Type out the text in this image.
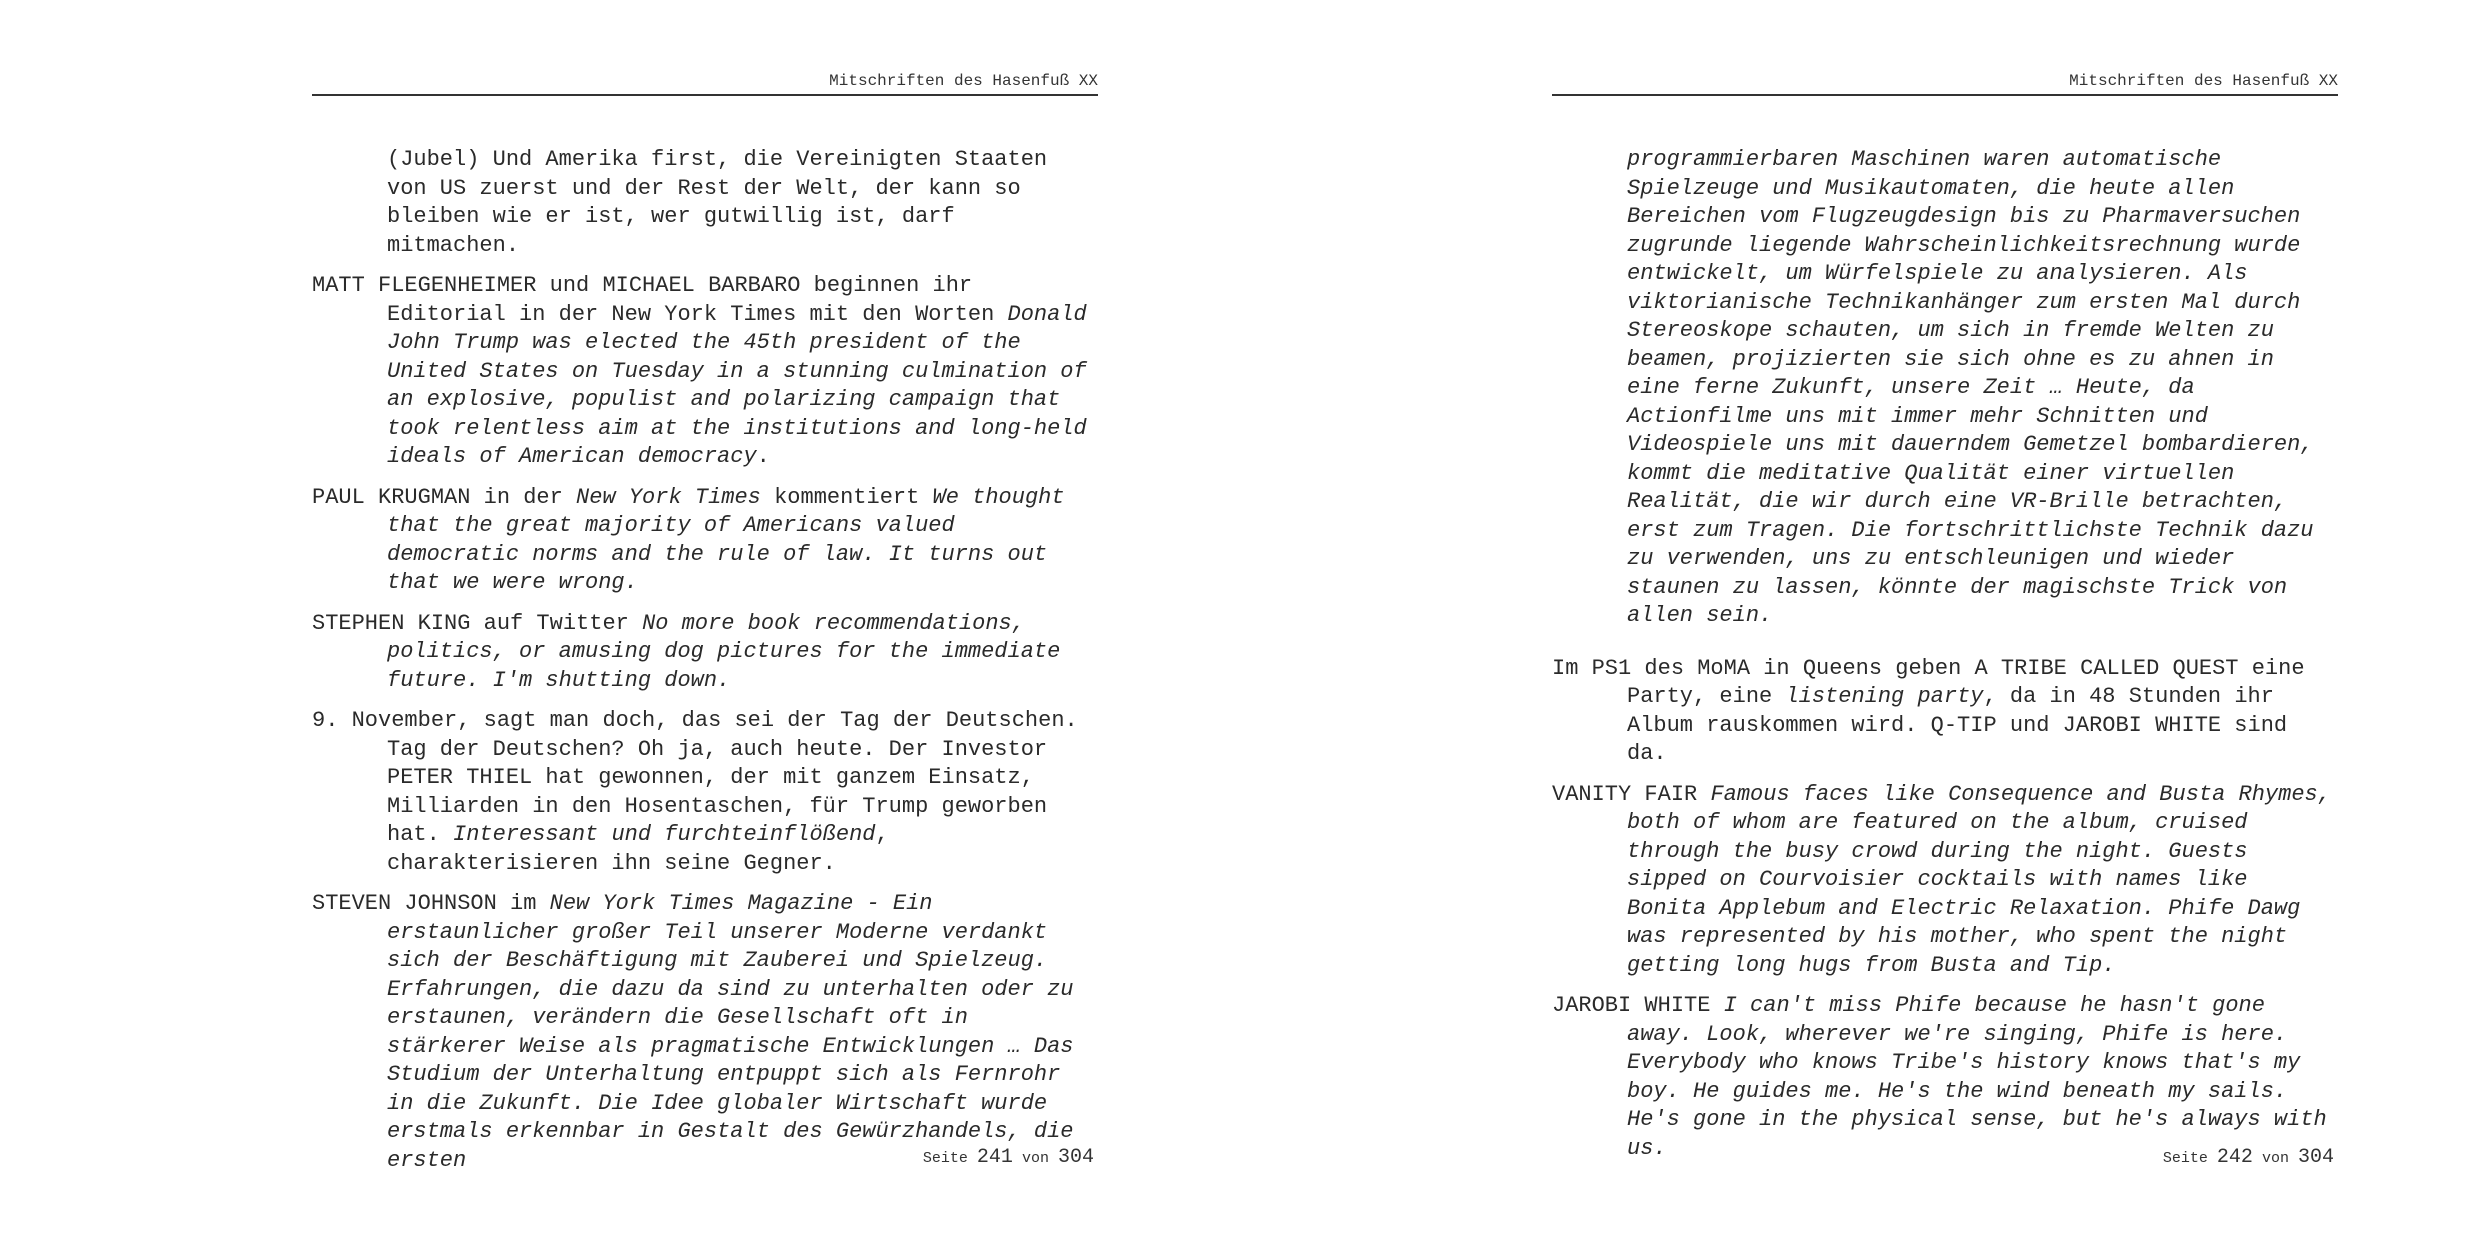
Mitschriften des Hasenfuß XX

(Jubel) Und Amerika first, die Vereinigten Staaten von US zuerst und der Rest der Welt, der kann so bleiben wie er ist, wer gutwillig ist, darf mitmachen.

MATT FLEGENHEIMER und MICHAEL BARBARO beginnen ihr Editorial in der New York Times mit den Worten Donald John Trump was elected the 45th president of the United States on Tuesday in a stunning culmination of an explosive, populist and polarizing campaign that took relentless aim at the institutions and long-held ideals of American democracy.

PAUL KRUGMAN in der New York Times kommentiert We thought that the great majority of Americans valued democratic norms and the rule of law. It turns out that we were wrong.

STEPHEN KING auf Twitter No more book recommendations, politics, or amusing dog pictures for the immediate future. I'm shutting down.

9. November, sagt man doch, das sei der Tag der Deutschen. Tag der Deutschen? Oh ja, auch heute. Der Investor PETER THIEL hat gewonnen, der mit ganzem Einsatz, Milliarden in den Hosentaschen, für Trump geworben hat. Interessant und furchteinflößend, charakterisieren ihn seine Gegner.

STEVEN JOHNSON im New York Times Magazine - Ein erstaunlicher großer Teil unserer Moderne verdankt sich der Beschäftigung mit Zauberei und Spielzeug. Erfahrungen, die dazu da sind zu unterhalten oder zu erstaunen, verändern die Gesellschaft oft in stärkerer Weise als pragmatische Entwicklungen … Das Studium der Unterhaltung entpuppt sich als Fernrohr in die Zukunft. Die Idee globaler Wirtschaft wurde erstmals erkennbar in Gestalt des Gewürzhandels, die ersten	Seite 241 von 304
Mitschriften des Hasenfuß XX

programmierbaren Maschinen waren automatische Spielzeuge und Musikautomaten, die heute allen Bereichen vom Flugzeugdesign bis zu Pharmaversuchen zugrunde liegende Wahrscheinlichkeitsrechnung wurde entwickelt, um Würfelspiele zu analysieren. Als viktorianische Technikanhänger zum ersten Mal durch Stereoskope schauten, um sich in fremde Welten zu beamen, projizierten sie sich ohne es zu ahnen in eine ferne Zukunft, unsere Zeit … Heute, da Actionfilme uns mit immer mehr Schnitten und Videospiele uns mit dauerndem Gemetzel bombardieren, kommt die meditative Qualität einer virtuellen Realität, die wir durch eine VR-Brille betrachten, erst zum Tragen. Die fortschrittlichste Technik dazu zu verwenden, uns zu entschleunigen und wieder staunen zu lassen, könnte der magischste Trick von allen sein.

Im PS1 des MoMA in Queens geben A TRIBE CALLED QUEST eine Party, eine listening party, da in 48 Stunden ihr Album rauskommen wird. Q-TIP und JAROBI WHITE sind da.

VANITY FAIR Famous faces like Consequence and Busta Rhymes, both of whom are featured on the album, cruised through the busy crowd during the night. Guests sipped on Courvoisier cocktails with names like Bonita Applebum and Electric Relaxation. Phife Dawg was represented by his mother, who spent the night getting long hugs from Busta and Tip.

JAROBI WHITE I can't miss Phife because he hasn't gone away. Look, wherever we're singing, Phife is here. Everybody who knows Tribe's history knows that's my boy. He guides me. He's the wind beneath my sails. He's gone in the physical sense, but he's always with us.	Seite 242 von 304
